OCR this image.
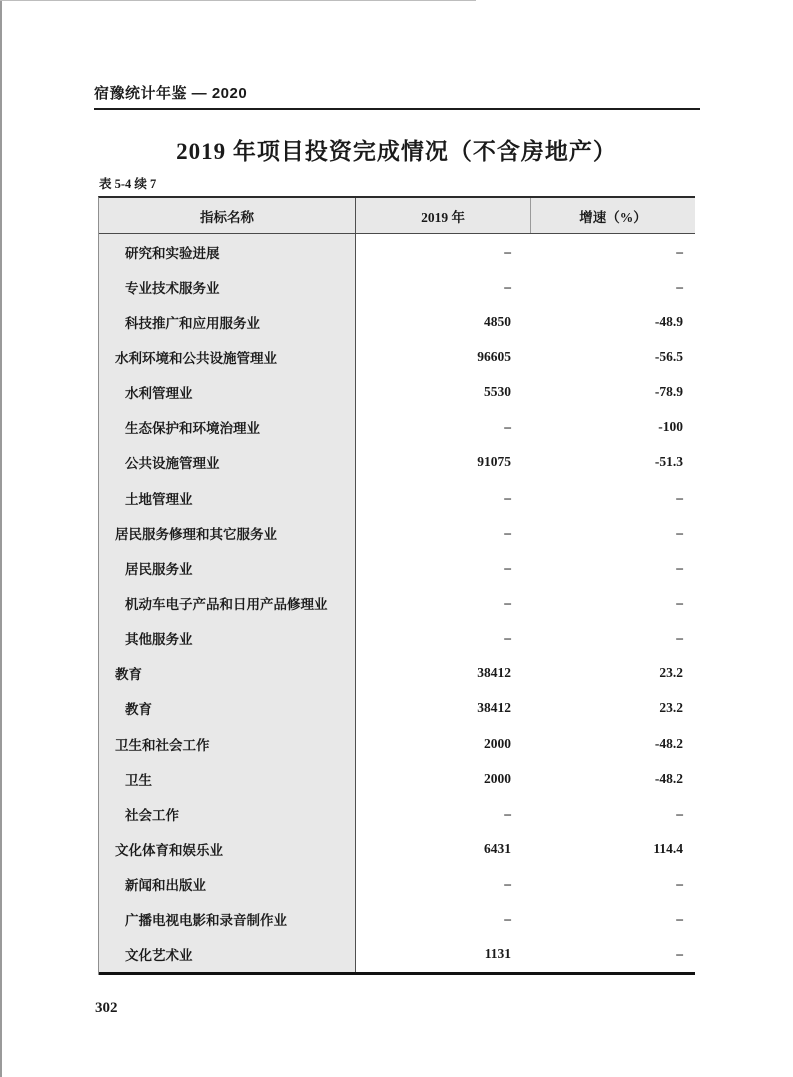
宿豫统计年鉴 — 2020
2019 年项目投资完成情况（不含房地产）
表 5-4 续 7
指标名称	2019 年	增速（%）
研究和实验进展	–	–
专业技术服务业	–	–
科技推广和应用服务业	4850	-48.9
水利环境和公共设施管理业	96605	-56.5
水利管理业	5530	-78.9
生态保护和环境治理业	–	-100
公共设施管理业	91075	-51.3
土地管理业	–	–
居民服务修理和其它服务业	–	–
居民服务业	–	–
机动车电子产品和日用产品修理业	–	–
其他服务业	–	–
教育	38412	23.2
教育	38412	23.2
卫生和社会工作	2000	-48.2
卫生	2000	-48.2
社会工作	–	–
文化体育和娱乐业	6431	114.4
新闻和出版业	–	–
广播电视电影和录音制作业	–	–
文化艺术业	1131	–
302
